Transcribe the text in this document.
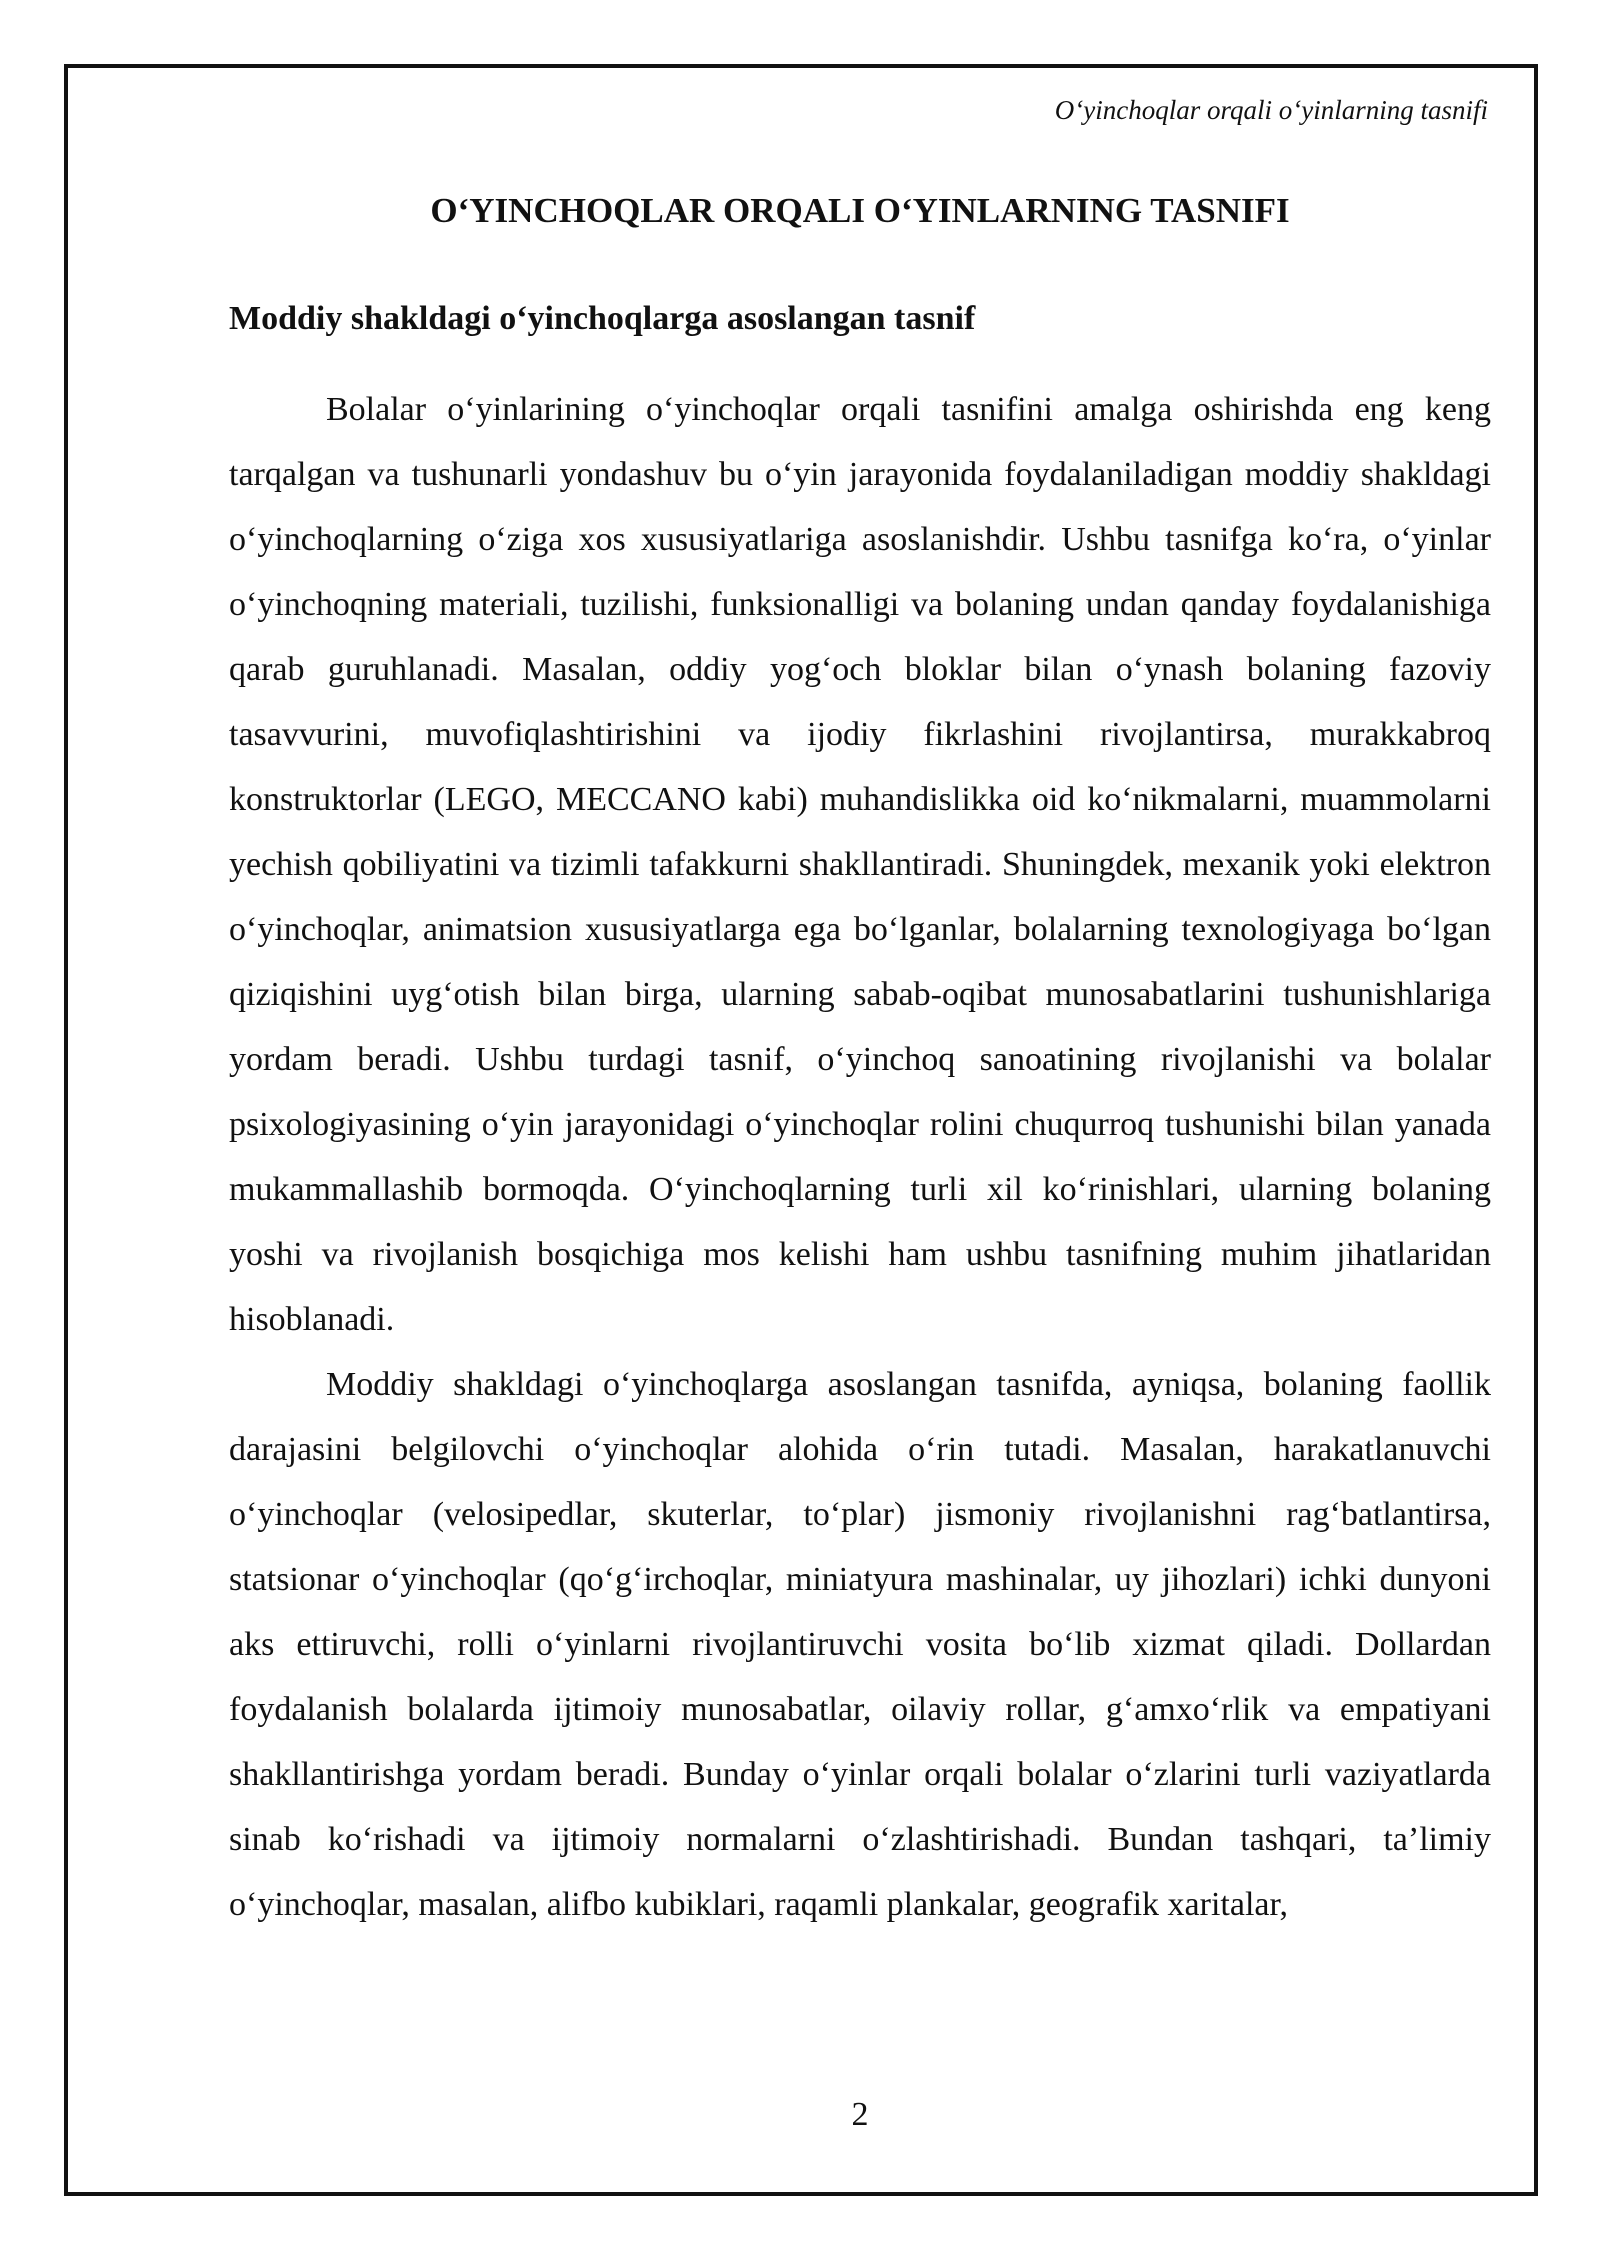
O‘yinchoqlar orqali o‘yinlarning tasnifi
O‘YINCHOQLAR ORQALI O‘YINLARNING TASNIFI
Moddiy shakldagi o‘yinchoqlarga asoslangan tasnif

Bolalar o‘yinlarining o‘yinchoqlar orqali tasnifini amalga oshirishda eng keng tarqalgan va tushunarli yondashuv bu o‘yin jarayonida foydalaniladigan moddiy shakldagi o‘yinchoqlarning o‘ziga xos xususiyatlariga asoslanishdir. Ushbu tasnifga ko‘ra, o‘yinlar o‘yinchoqning materiali, tuzilishi, funksionalligi va bolaning undan qanday foydalanishiga qarab guruhlanadi. Masalan, oddiy yog‘och bloklar bilan o‘ynash bolaning fazoviy tasavvurini, muvofiqlashtirishini va ijodiy fikrlashini rivojlantirsa, murakkabroq konstruktorlar (LEGO, MECCANO kabi) muhandislikka oid ko‘nikmalarni, muammolarni yechish qobiliyatini va tizimli tafakkurni shakllantiradi. Shuningdek, mexanik yoki elektron o‘yinchoqlar, animatsion xususiyatlarga ega bo‘lganlar, bolalarning texnologiyaga bo‘lgan qiziqishini uyg‘otish bilan birga, ularning sabab-oqibat munosabatlarini tushunishlariga yordam beradi. Ushbu turdagi tasnif, o‘yinchoq sanoatining rivojlanishi va bolalar psixologiyasining o‘yin jarayonidagi o‘yinchoqlar rolini chuqurroq tushunishi bilan yanada mukammallashib bormoqda. O‘yinchoqlarning turli xil ko‘rinishlari, ularning bolaning yoshi va rivojlanish bosqichiga mos kelishi ham ushbu tasnifning muhim jihatlaridan hisoblanadi.

Moddiy shakldagi o‘yinchoqlarga asoslangan tasnifda, ayniqsa, bolaning faollik darajasini belgilovchi o‘yinchoqlar alohida o‘rin tutadi. Masalan, harakatlanuvchi o‘yinchoqlar (velosipedlar, skuterlar, to‘plar) jismoniy rivojlanishni rag‘batlantirsa, statsionar o‘yinchoqlar (qo‘g‘irchoqlar, miniatyura mashinalar, uy jihozlari) ichki dunyoni aks ettiruvchi, rolli o‘yinlarni rivojlantiruvchi vosita bo‘lib xizmat qiladi. Dollardan foydalanish bolalarda ijtimoiy munosabatlar, oilaviy rollar, g‘amxo‘rlik va empatiyani shakllantirishga yordam beradi. Bunday o‘yinlar orqali bolalar o‘zlarini turli vaziyatlarda sinab ko‘rishadi va ijtimoiy normalarni o‘zlashtirishadi. Bundan tashqari, ta’limiy o‘yinchoqlar, masalan, alifbo kubiklari, raqamli plankalar, geografik xaritalar,

2
